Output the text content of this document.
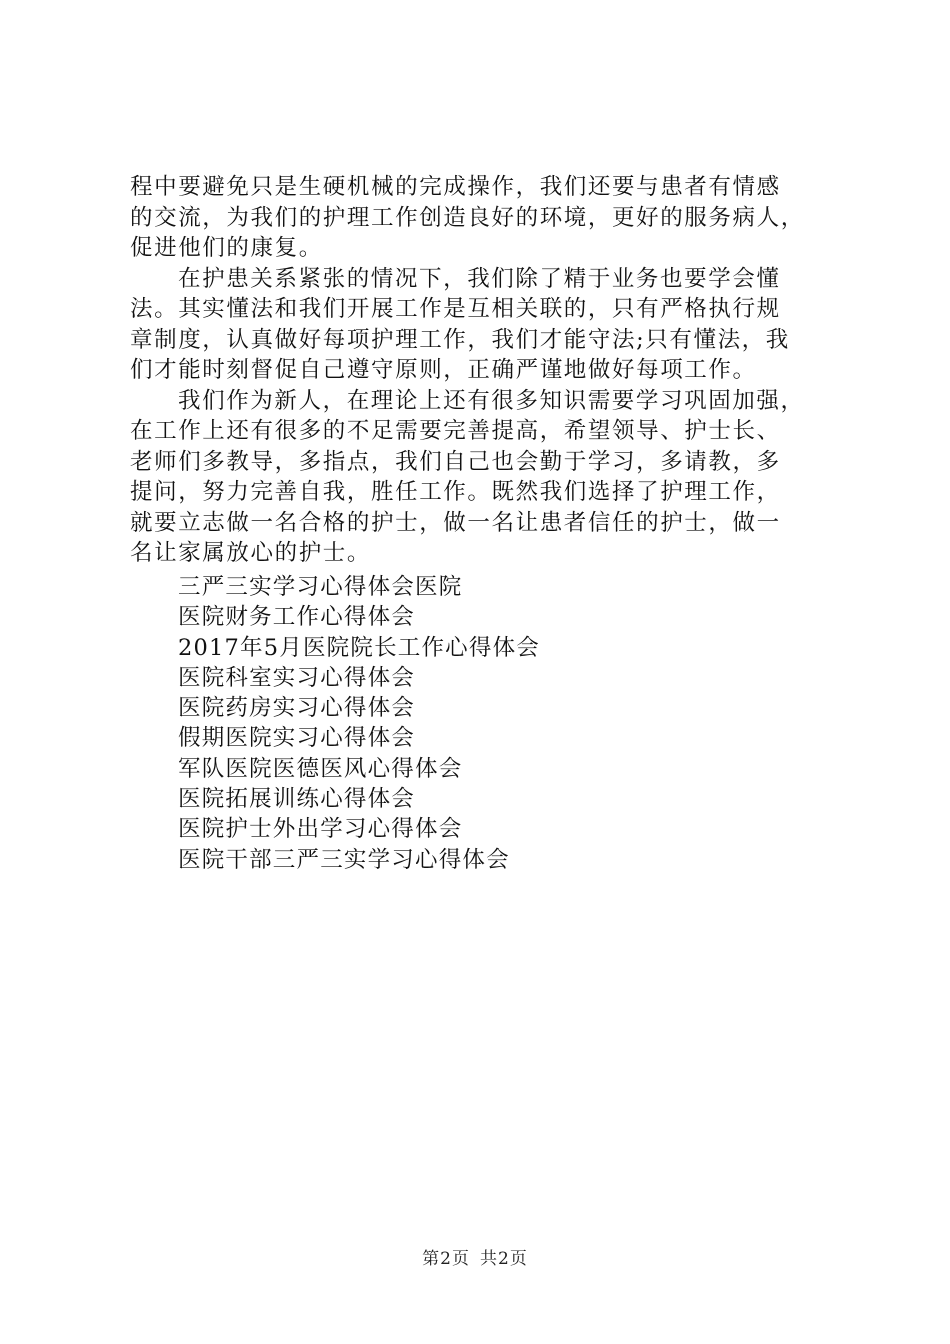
程中要避免只是生硬机械的完成操作，我们还要与患者有情感
的交流，为我们的护理工作创造良好的环境，更好的服务病人，
促进他们的康复。
在护患关系紧张的情况下，我们除了精于业务也要学会懂
法。其实懂法和我们开展工作是互相关联的，只有严格执行规
章制度，认真做好每项护理工作，我们才能守法;只有懂法，我
们才能时刻督促自己遵守原则，正确严谨地做好每项工作。
我们作为新人，在理论上还有很多知识需要学习巩固加强，
在工作上还有很多的不足需要完善提高，希望领导、护士长、
老师们多教导，多指点，我们自己也会勤于学习，多请教，多
提问，努力完善自我，胜任工作。既然我们选择了护理工作，
就要立志做一名合格的护士，做一名让患者信任的护士，做一
名让家属放心的护士。
三严三实学习心得体会医院
医院财务工作心得体会
2017年5月医院院长工作心得体会
医院科室实习心得体会
医院药房实习心得体会
假期医院实习心得体会
军队医院医德医风心得体会
医院拓展训练心得体会
医院护士外出学习心得体会
医院干部三严三实学习心得体会
第2页 共2页
